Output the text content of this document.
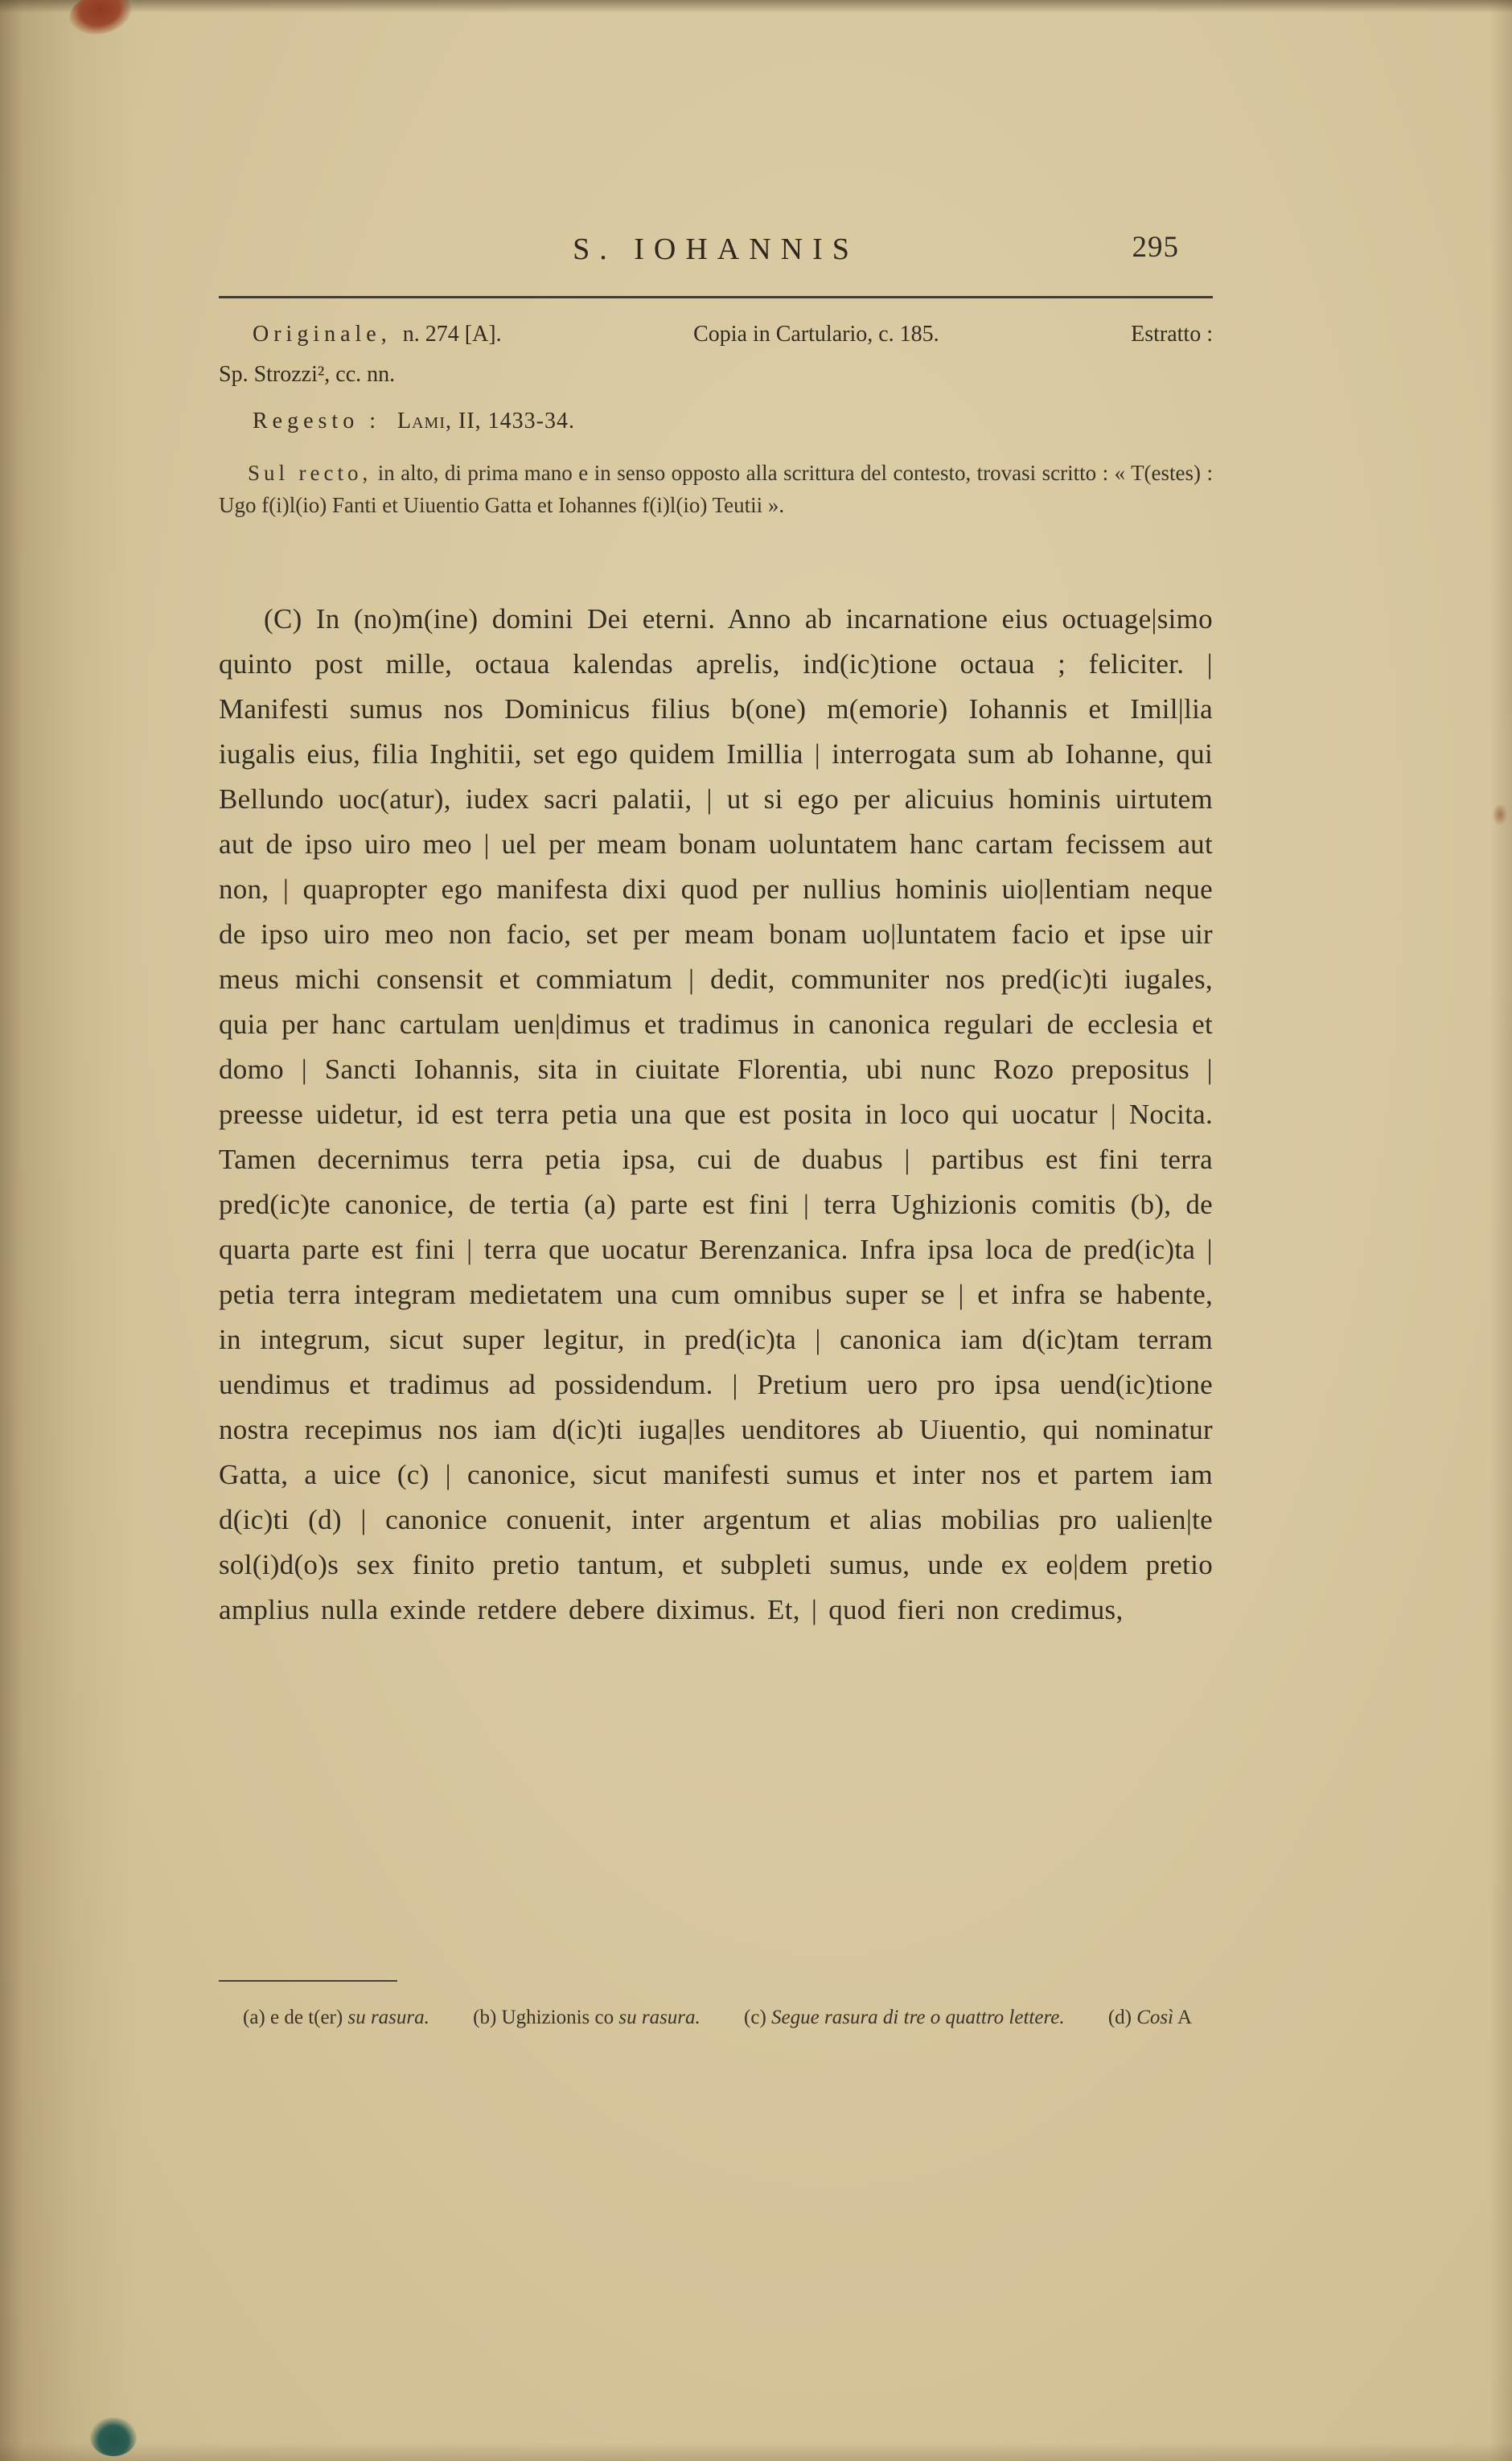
S. IOHANNIS	295
Originale, n. 274 [A].	Copia in Cartulario, c. 185.	Estratto :
Sp. Strozzi², cc. nn.
Regesto : Lami, II, 1433-34.
Sul recto, in alto, di prima mano e in senso opposto alla scrittura del contesto, trovasi scritto : « T(estes) : Ugo f(i)l(io) Fanti et Uiuentio Gatta et Iohannes f(i)l(io) Teutii ».
(C) In (no)m(ine) domini Dei eterni. Anno ab incarnatione eius octuage|simo quinto post mille, octaua kalendas aprelis, ind(ic)tione octaua ; feliciter. | Manifesti sumus nos Dominicus filius b(one) m(emorie) Iohannis et Imil|lia iugalis eius, filia Inghitii, set ego quidem Imillia | interrogata sum ab Iohanne, qui Bellundo uoc(atur), iudex sacri palatii, | ut si ego per alicuius hominis uirtutem aut de ipso uiro meo | uel per meam bonam uoluntatem hanc cartam fecissem aut non, | quapropter ego manifesta dixi quod per nullius hominis uio|lentiam neque de ipso uiro meo non facio, set per meam bonam uo|luntatem facio et ipse uir meus michi consensit et commiatum | dedit, communiter nos pred(ic)ti iugales, quia per hanc cartulam uen|dimus et tradimus in canonica regulari de ecclesia et domo | Sancti Iohannis, sita in ciuitate Florentia, ubi nunc Rozo prepositus | preesse uidetur, id est terra petia una que est posita in loco qui uocatur | Nocita. Tamen decernimus terra petia ipsa, cui de duabus | partibus est fini terra pred(ic)te canonice, de tertia (a) parte est fini | terra Ughizionis comitis (b), de quarta parte est fini | terra que uocatur Berenzanica. Infra ipsa loca de pred(ic)ta | petia terra integram medietatem una cum omnibus super se | et infra se habente, in integrum, sicut super legitur, in pred(ic)ta | canonica iam d(ic)tam terram uendimus et tradimus ad possidendum. | Pretium uero pro ipsa uend(ic)tione nostra recepimus nos iam d(ic)ti iuga|les uenditores ab Uiuentio, qui nominatur Gatta, a uice (c) | canonice, sicut manifesti sumus et inter nos et partem iam d(ic)ti (d) | canonice conuenit, inter argentum et alias mobilias pro ualien|te sol(i)d(o)s sex finito pretio tantum, et subpleti sumus, unde ex eo|dem pretio amplius nulla exinde retdere debere diximus. Et, | quod fieri non credimus,
(a) e de t(er) su rasura. (b) Ughizionis co su rasura. (c) Segue rasura di tre o quattro lettere. (d) Così A
